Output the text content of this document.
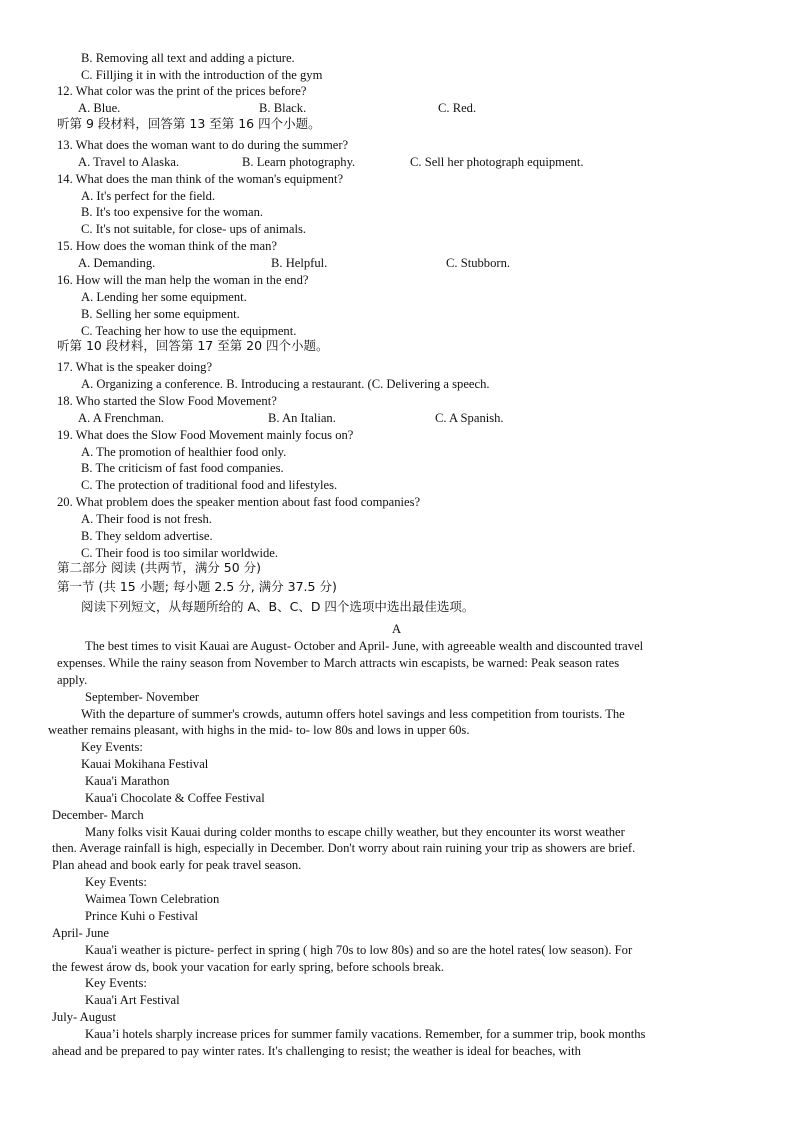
B. Removing all text and adding a picture.
C. Filljing it in with the introduction of the gym
12. What color was the print of the prices before?
A. Blue.	B. Black.	C. Red.
听第 9 段材料，回答第 13 至第 16 四个小题。
13. What does the woman want to do during the summer?
A. Travel to Alaska.	B. Learn photography.	C. Sell her photograph equipment.
14. What does the man think of the woman's equipment?
A. It's perfect for the field.
B. It's too expensive for the woman.
C. It's not suitable, for close- ups of animals.
15. How does the woman think of the man?
A. Demanding.	B. Helpful.	C. Stubborn.
16. How will the man help the woman in the end?
A. Lending her some equipment.
B. Selling her some equipment.
C. Teaching her how to use the equipment.
听第 10 段材料，回答第 17 至第 20 四个小题。
17. What is the speaker doing?
A. Organizing a conference. B. Introducing a restaurant. (C. Delivering a speech.
18. Who started the Slow Food Movement?
A. A Frenchman.	B. An Italian.	C. A Spanish.
19. What does the Slow Food Movement mainly focus on?
A. The promotion of healthier food only.
B. The criticism of fast food companies.
C. The protection of traditional food and lifestyles.
20. What problem does the speaker mention about fast food companies?
A. Their food is not fresh.
B. They seldom advertise.
C. Their food is too similar worldwide.
第二部分 阅读 (共两节，满分 50 分)
第一节 (共 15 小题; 每小题 2.5 分, 满分 37.5 分)
阅读下列短文，从每题所给的 A、B、C、D 四个选项中选出最佳选项。
A
The best times to visit Kauai are August- October and April- June, with agreeable wealth and discounted travel
expenses. While the rainy season from November to March attracts win escapists, be warned: Peak season rates
apply.
September- November
With the departure of summer's crowds, autumn offers hotel savings and less competition from tourists. The
weather remains pleasant, with highs in the mid- to- low 80s and lows in upper 60s.
Key Events:
Kauai Mokihana Festival
Kaua'i Marathon
Kaua'i Chocolate & Coffee Festival
December- March
Many folks visit Kauai during colder months to escape chilly weather, but they encounter its worst weather
then. Average rainfall is high, especially in December. Don't worry about rain ruining your trip as showers are brief.
Plan ahead and book early for peak travel season.
Key Events:
Waimea Town Celebration
Prince Kuhi o Festival
April- June
Kaua'i weather is picture- perfect in spring ( high 70s to low 80s) and so are the hotel rates( low season). For
the fewest árow ds, book your vacation for early spring, before schools break.
Key Events:
Kaua'i Art Festival
July- August
Kaua’i hotels sharply increase prices for summer family vacations. Remember, for a summer trip, book months
ahead and be prepared to pay winter rates. It's challenging to resist; the weather is ideal for beaches, with
